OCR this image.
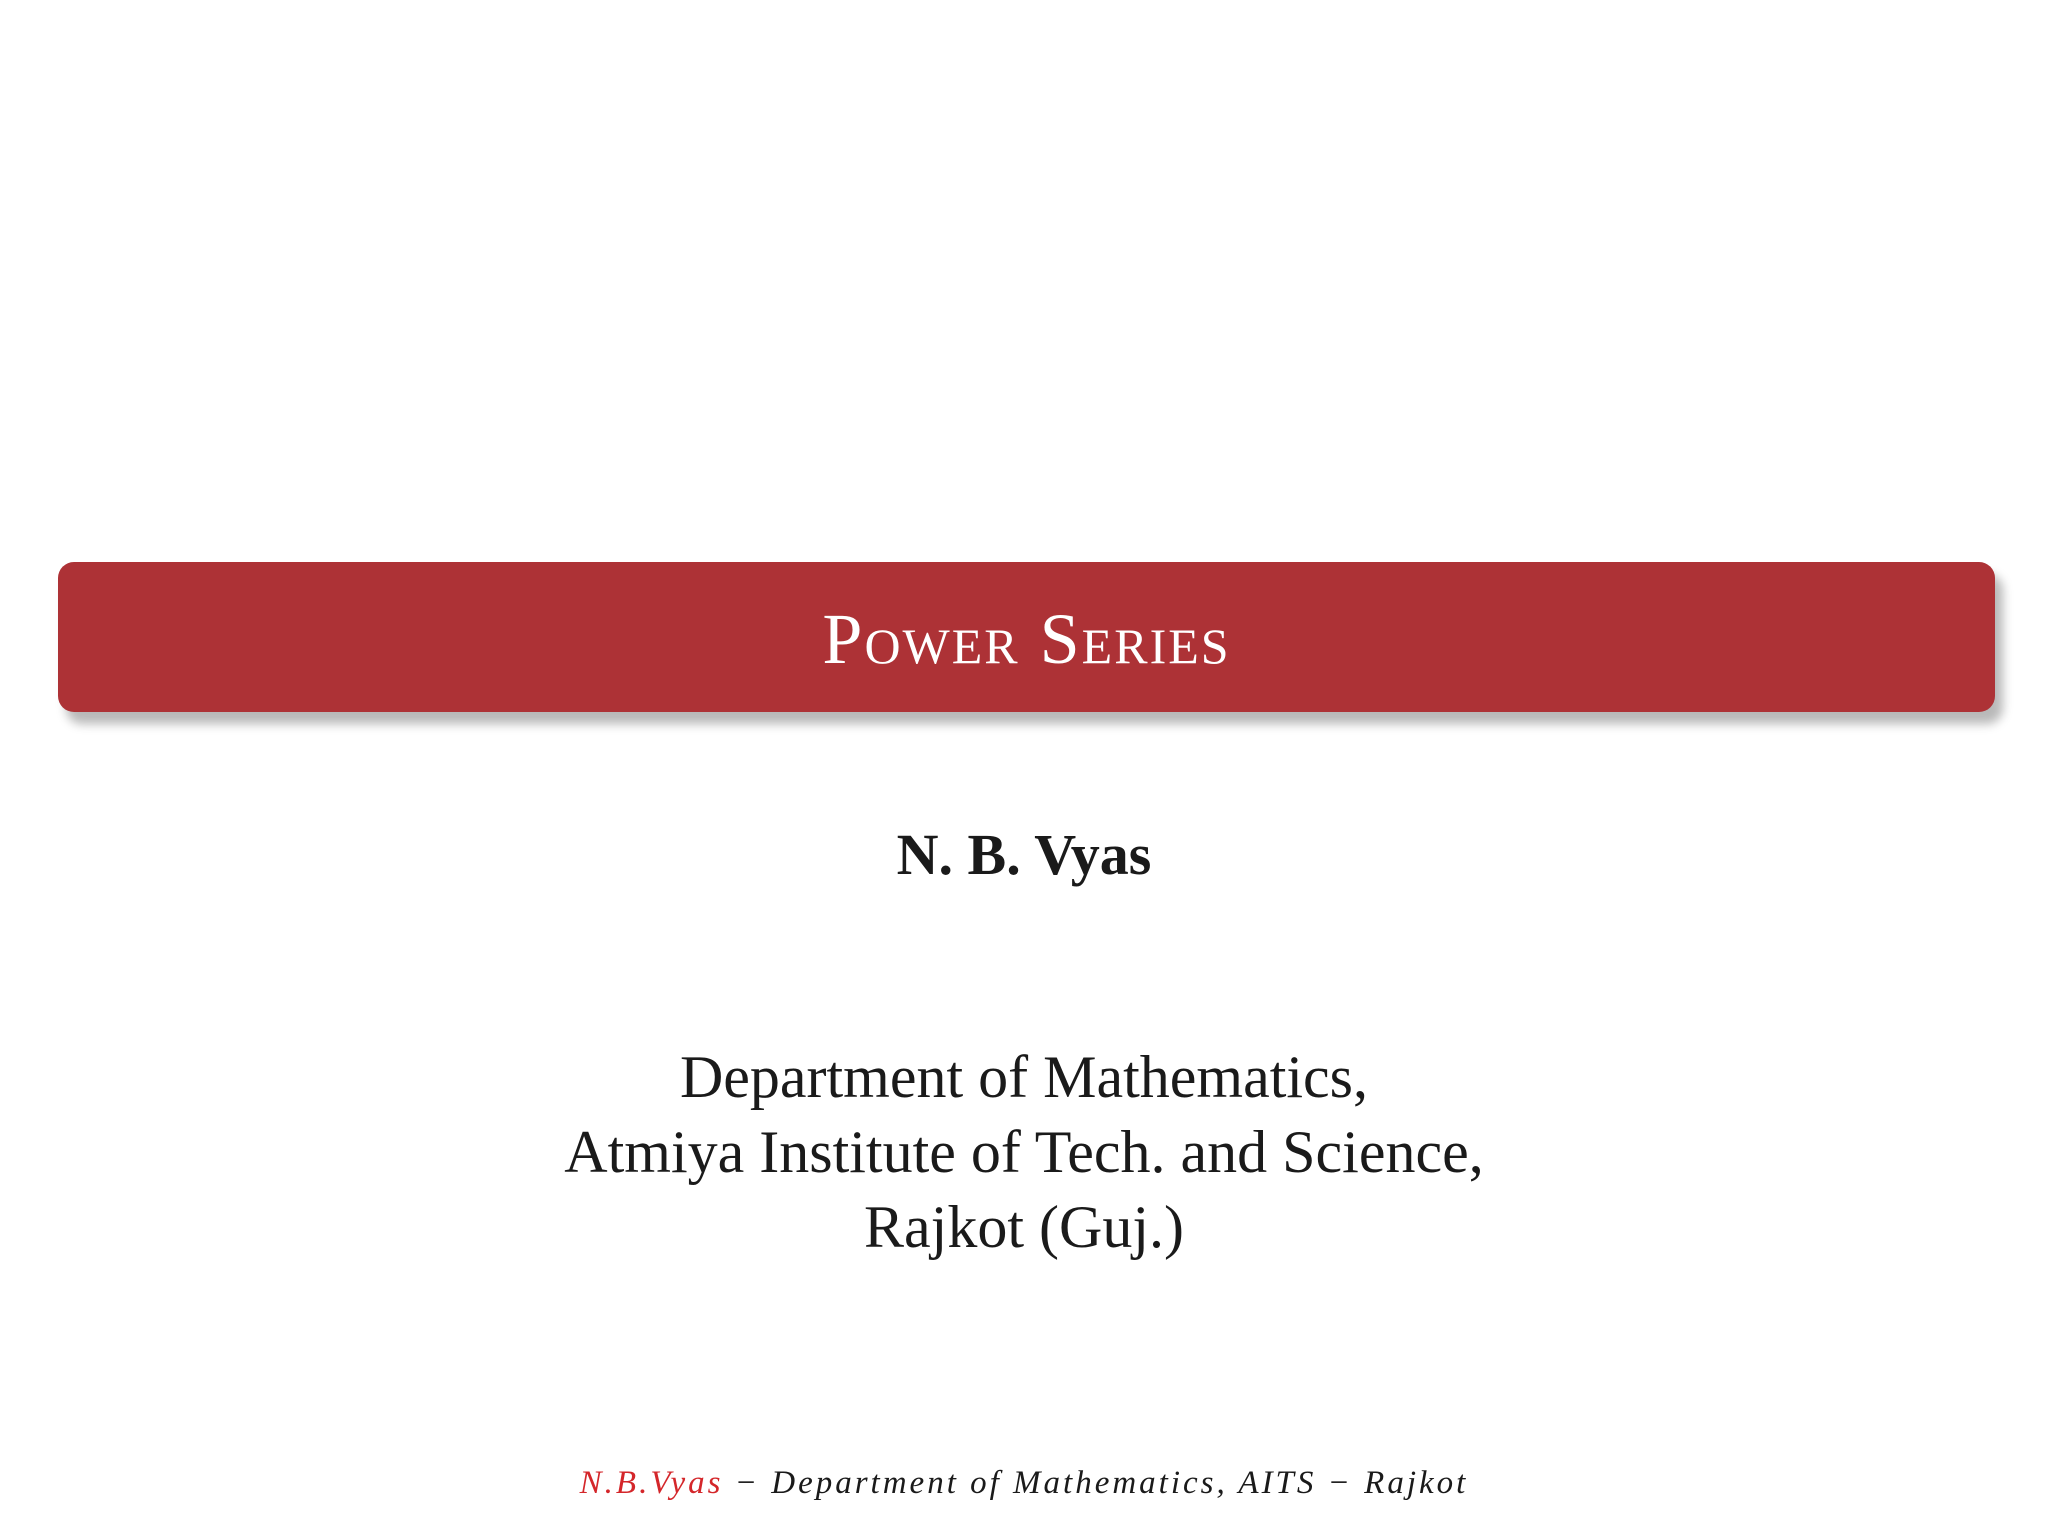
Power Series
N. B. Vyas
Department of Mathematics,
Atmiya Institute of Tech. and Science,
Rajkot (Guj.)
N.B.Vyas − Department of Mathematics, AITS − Rajkot
